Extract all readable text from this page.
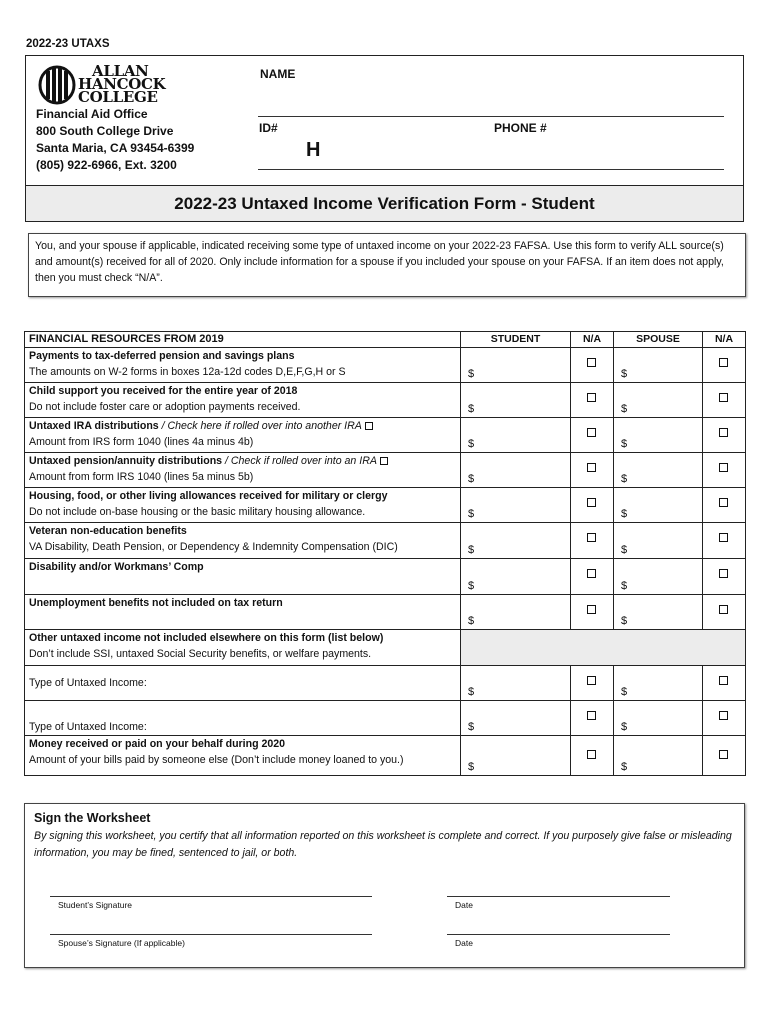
2022-23 UTAXS
ALLAN
HANCOCK
COLLEGE
Financial Aid Office
800 South College Drive
Santa Maria, CA 93454-6399
(805) 922-6966, Ext. 3200
NAME
ID#	PHONE #
H
2022-23 Untaxed Income Verification Form - Student
You, and your spouse if applicable, indicated receiving some type of untaxed income on your 2022-23 FAFSA. Use this form to verify ALL source(s) and amount(s) received for all of 2020. Only include information for a spouse if you included your spouse on your FAFSA. If an item does not apply, then you must check “N/A”.
FINANCIAL RESOURCES FROM 2019	STUDENT	N/A	SPOUSE	N/A
Payments to tax-deferred pension and savings plans
The amounts on W-2 forms in boxes 12a-12d codes D,E,F,G,H or S	$		$	

Child support you received for the entire year of 2018
Do not include foster care or adoption payments received.	$		$	

Untaxed IRA distributions / Check here if rolled over into another IRA
Amount from IRS form 1040 (lines 4a minus 4b)	$		$	

Untaxed pension/annuity distributions / Check if rolled over into an IRA
Amount from form IRS 1040 (lines 5a minus 5b)	$		$	

Housing, food, or other living allowances received for military or clergy
Do not include on-base housing or the basic military housing allowance.	$		$	

Veteran non-education benefits
VA Disability, Death Pension, or Dependency & Indemnity Compensation (DIC)	$		$	

Disability and/or Workmans’ Comp	$		$	

Unemployment benefits not included on tax return	$		$	

Other untaxed income not included elsewhere on this form (list below)
Don’t include SSI, untaxed Social Security benefits, or welfare payments.				
Type of Untaxed Income:	$		$	

Type of Untaxed Income:	$		$	

Money received or paid on your behalf during 2020
Amount of your bills paid by someone else (Don’t include money loaned to you.)	$		$	

Sign the Worksheet
By signing this worksheet, you certify that all information reported on this worksheet is complete and correct. If you purposely give false or misleading information, you may be fined, sentenced to jail, or both.
Student’s Signature	Date
Spouse’s Signature (If applicable)	Date
